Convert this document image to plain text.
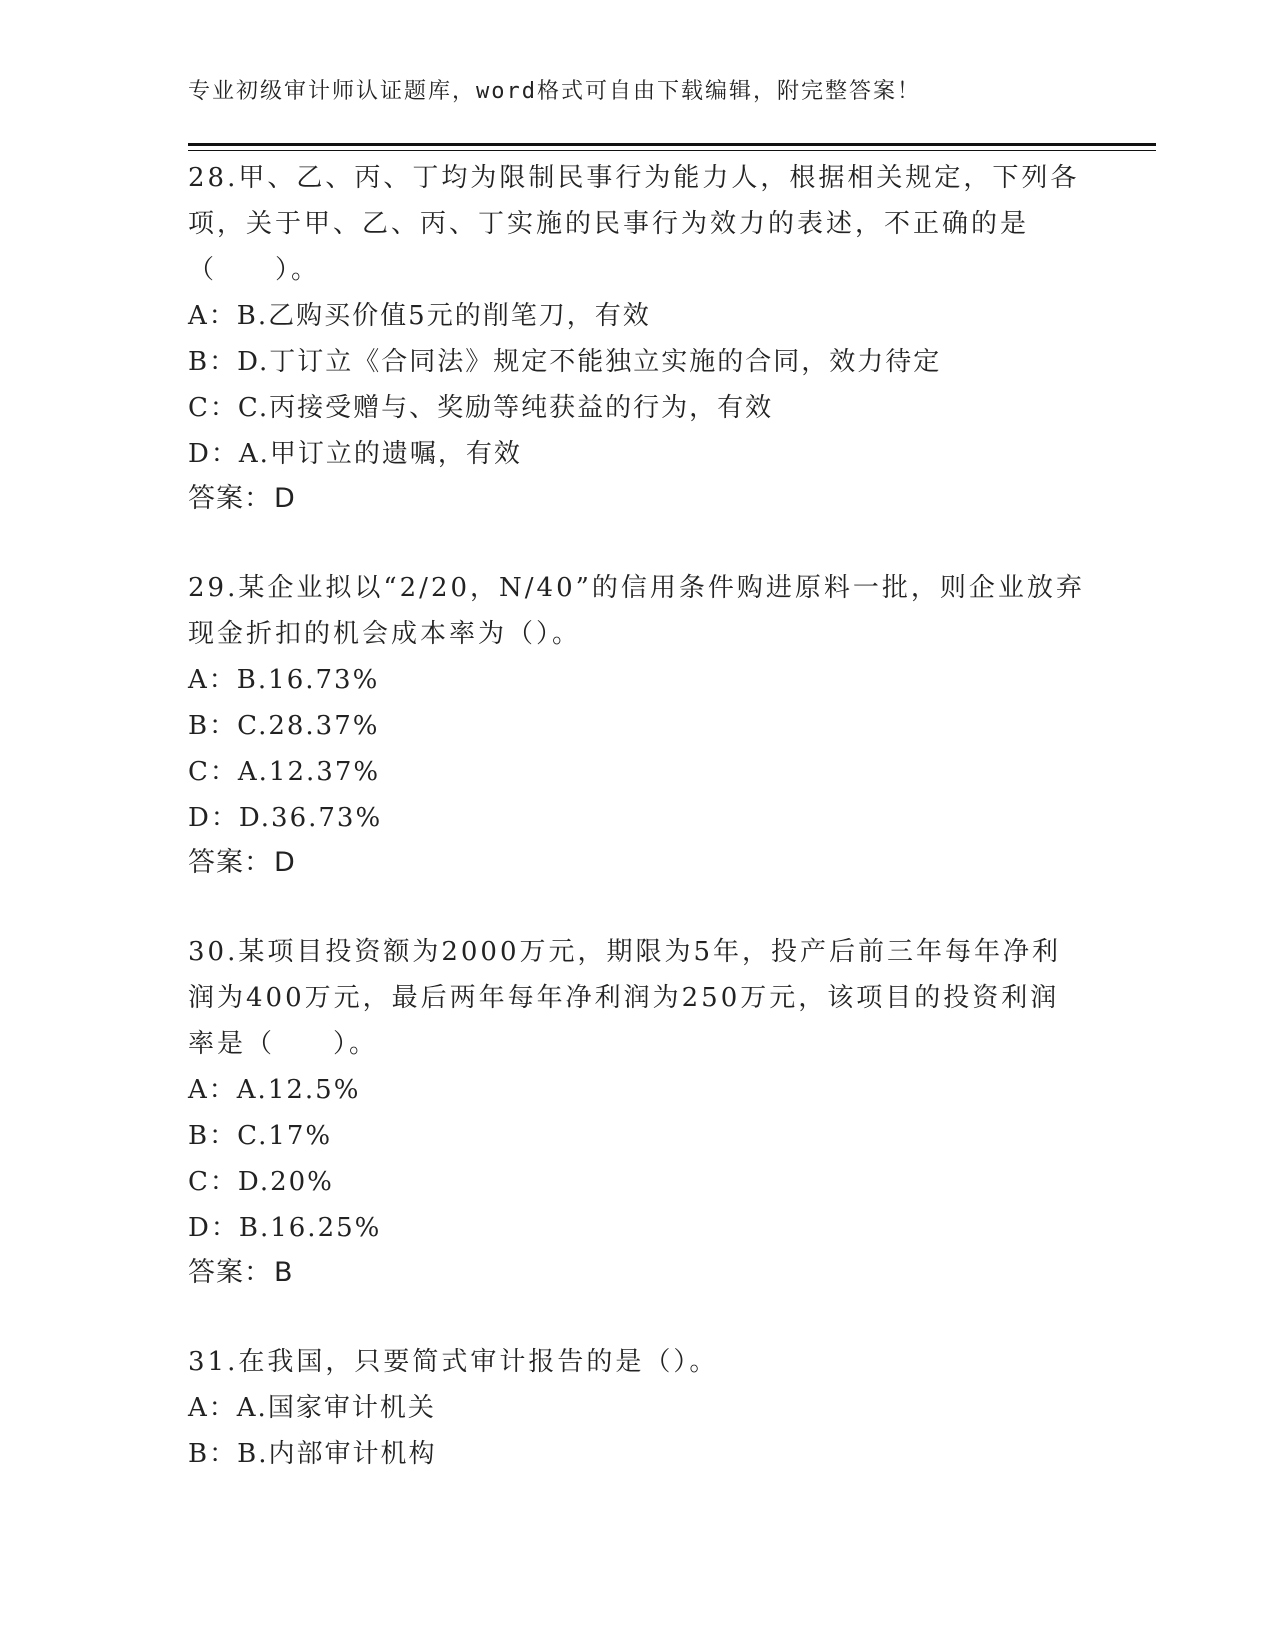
专业初级审计师认证题库，word格式可自由下载编辑，附完整答案！

28.甲、乙、丙、丁均为限制民事行为能力人，根据相关规定，下列各项，关于甲、乙、丙、丁实施的民事行为效力的表述，不正确的是（　　）。

A：B.乙购买价值5元的削笔刀，有效

B：D.丁订立《合同法》规定不能独立实施的合同，效力待定

C：C.丙接受赠与、奖励等纯获益的行为，有效

D：A.甲订立的遗嘱，有效

答案：D

29.某企业拟以“2/20，N/40”的信用条件购进原料一批，则企业放弃现金折扣的机会成本率为（）。

A：B.16.73%

B：C.28.37%

C：A.12.37%

D：D.36.73%

答案：D

30.某项目投资额为2000万元，期限为5年，投产后前三年每年净利润为400万元，最后两年每年净利润为250万元，该项目的投资利润率是（　　）。

A：A.12.5%

B：C.17%

C：D.20%

D：B.16.25%

答案：B

31.在我国，只要简式审计报告的是（）。

A：A.国家审计机关

B：B.内部审计机构
